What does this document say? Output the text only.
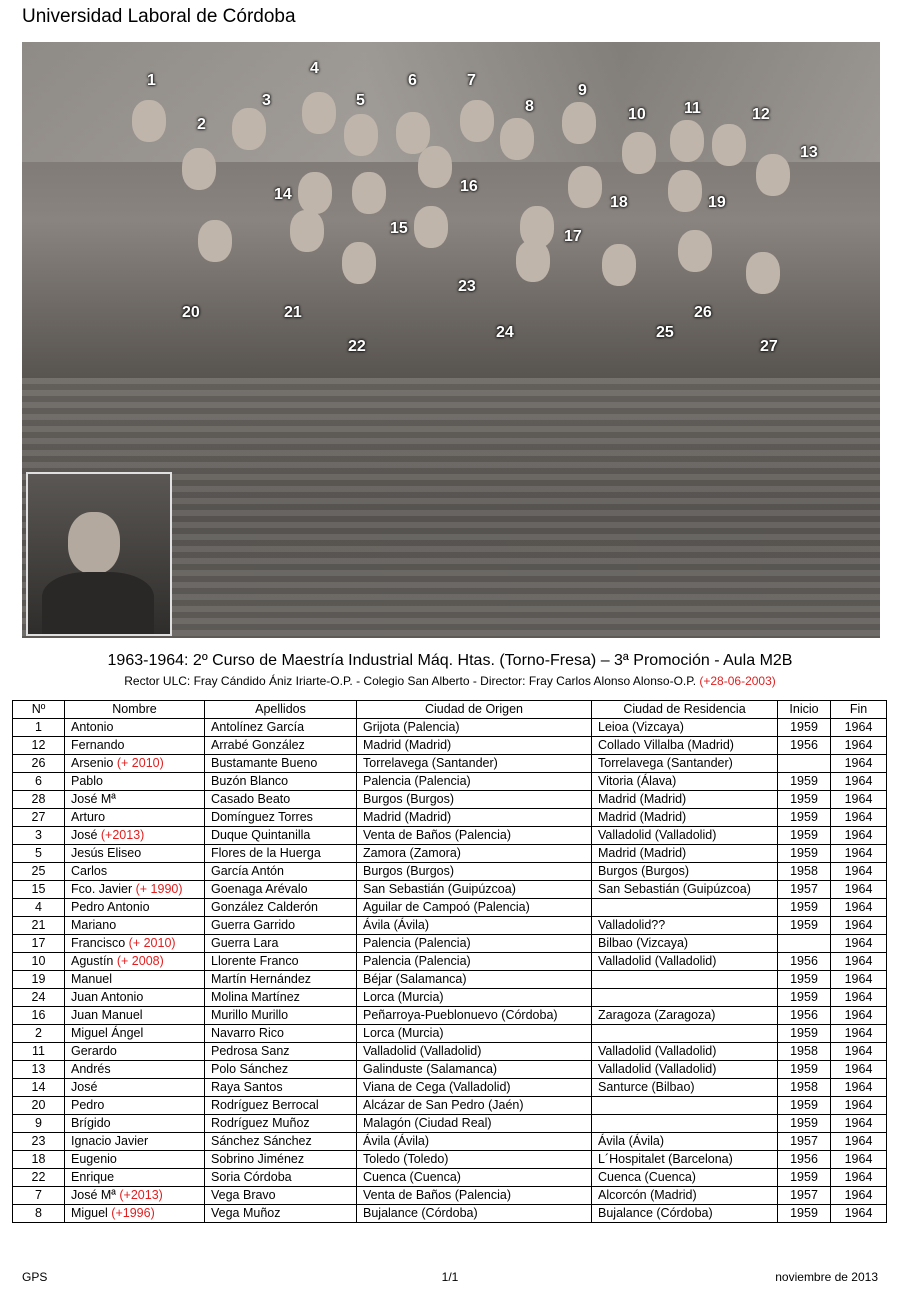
Universidad Laboral de Córdoba
1
2
3
4
5
6	7
8
9
10 11	12
13
14
15
16
17
18	19
20	21
22
23
24	25
26
27
1963-1964: 2º Curso de Maestría Industrial Máq. Htas. (Torno-Fresa) – 3ª Promoción - Aula M2B
Rector ULC: Fray Cándido Ániz Iriarte-O.P. - Colegio San Alberto - Director: Fray Carlos Alonso Alonso-O.P. (+28-06-2003)
Nº	Nombre	Apellidos	Ciudad de Origen	Ciudad de Residencia	Inicio	Fin
1	Antonio	Antolínez García	Grijota (Palencia)	Leioa (Vizcaya)	1959	1964
12	Fernando	Arrabé González	Madrid (Madrid)	Collado Villalba (Madrid)	1956	1964
26	Arsenio (+ 2010)	Bustamante Bueno	Torrelavega (Santander)	Torrelavega (Santander)		1964
6	Pablo	Buzón Blanco	Palencia (Palencia)	Vitoria (Álava)	1959	1964
28	José Mª	Casado Beato	Burgos (Burgos)	Madrid (Madrid)	1959	1964
27	Arturo	Domínguez Torres	Madrid (Madrid)	Madrid (Madrid)	1959	1964
3	José (+2013)	Duque Quintanilla	Venta de Baños (Palencia)	Valladolid (Valladolid)	1959	1964
5	Jesús Eliseo	Flores de la Huerga	Zamora (Zamora)	Madrid (Madrid)	1959	1964
25	Carlos	García Antón	Burgos (Burgos)	Burgos (Burgos)	1958	1964
15	Fco. Javier (+ 1990)	Goenaga Arévalo	San Sebastián (Guipúzcoa)	San Sebastián (Guipúzcoa)	1957	1964
4	Pedro Antonio	González Calderón	Aguilar de Campoó (Palencia)		1959	1964
21	Mariano	Guerra Garrido	Ávila (Ávila)	Valladolid??	1959	1964
17	Francisco (+ 2010)	Guerra Lara	Palencia (Palencia)	Bilbao (Vizcaya)		1964
10	Agustín (+ 2008)	Llorente Franco	Palencia (Palencia)	Valladolid (Valladolid)	1956	1964
19	Manuel	Martín Hernández	Béjar (Salamanca)		1959	1964
24	Juan Antonio	Molina Martínez	Lorca (Murcia)		1959	1964
16	Juan Manuel	Murillo Murillo	Peñarroya-Pueblonuevo (Córdoba)	Zaragoza (Zaragoza)	1956	1964
2	Miguel Ángel	Navarro Rico	Lorca (Murcia)		1959	1964
11	Gerardo	Pedrosa Sanz	Valladolid (Valladolid)	Valladolid (Valladolid)	1958	1964
13	Andrés	Polo Sánchez	Galinduste (Salamanca)	Valladolid (Valladolid)	1959	1964
14	José	Raya Santos	Viana de Cega (Valladolid)	Santurce (Bilbao)	1958	1964
20	Pedro	Rodríguez Berrocal	Alcázar de San Pedro (Jaén)		1959	1964
9	Brígido	Rodríguez Muñoz	Malagón (Ciudad Real)		1959	1964
23	Ignacio Javier	Sánchez Sánchez	Ávila (Ávila)	Ávila (Ávila)	1957	1964
18	Eugenio	Sobrino Jiménez	Toledo (Toledo)	L´Hospitalet (Barcelona)	1956	1964
22	Enrique	Soria Córdoba	Cuenca (Cuenca)	Cuenca (Cuenca)	1959	1964
7	José Mª (+2013)	Vega Bravo	Venta de Baños (Palencia)	Alcorcón (Madrid)	1957	1964
8	Miguel (+1996)	Vega Muñoz	Bujalance (Córdoba)	Bujalance (Córdoba)	1959	1964
GPS	1/1	noviembre de 2013
